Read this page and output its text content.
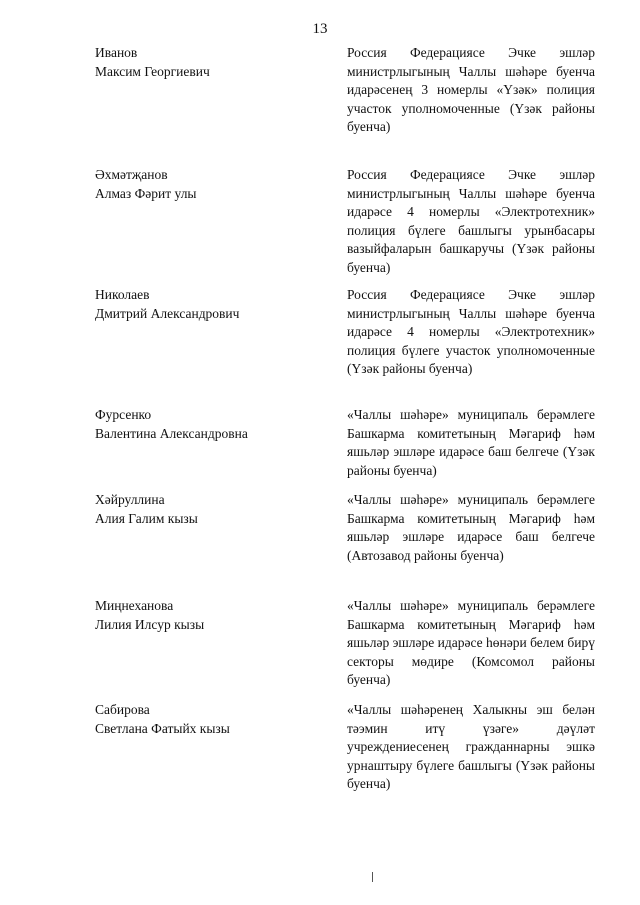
13
Иванов
Максим Георгиевич
Россия Федерациясе Эчке эшләр министрлыгының Чаллы шәһәре буенча идарәсенең 3 номерлы «Үзәк» полиция участок уполномоченные (Үзәк районы буенча)
Әхмәтҗанов
Алмаз Фәрит улы
Россия Федерациясе Эчке эшләр министрлыгының Чаллы шәһәре буенча идарәсе 4 номерлы «Электротехник» полиция бүлеге башлыгы урынбасары вазыйфаларын башкаручы (Үзәк районы буенча)
Николаев
Дмитрий Александрович
Россия Федерациясе Эчке эшләр министрлыгының Чаллы шәһәре буенча идарәсе 4 номерлы «Электротехник» полиция бүлеге участок уполномоченные (Үзәк районы буенча)
Фурсенко
Валентина Александровна
«Чаллы шәһәре» муниципаль берәмлеге Башкарма комитетының Мәгариф һәм яшьләр эшләре идарәсе баш белгече (Үзәк районы буенча)
Хәйруллина
Алия Галим кызы
«Чаллы шәһәре» муниципаль берәмлеге Башкарма комитетының Мәгариф һәм яшьләр эшләре идарәсе баш белгече (Автозавод районы буенча)
Миңнеханова
Лилия Илсур кызы
«Чаллы шәһәре» муниципаль берәмлеге Башкарма комитетының Мәгариф һәм яшьләр эшләре идарәсе һөнәри белем бирү секторы мөдире (Комсомол районы буенча)
Сабирова
Светлана Фатыйх кызы
«Чаллы шәһәренең Халыкны эш белән тәэмин итү үзәге» дәүләт учреждениесенең гражданнарны эшкә урнаштыру бүлеге башлыгы (Үзәк районы буенча)
